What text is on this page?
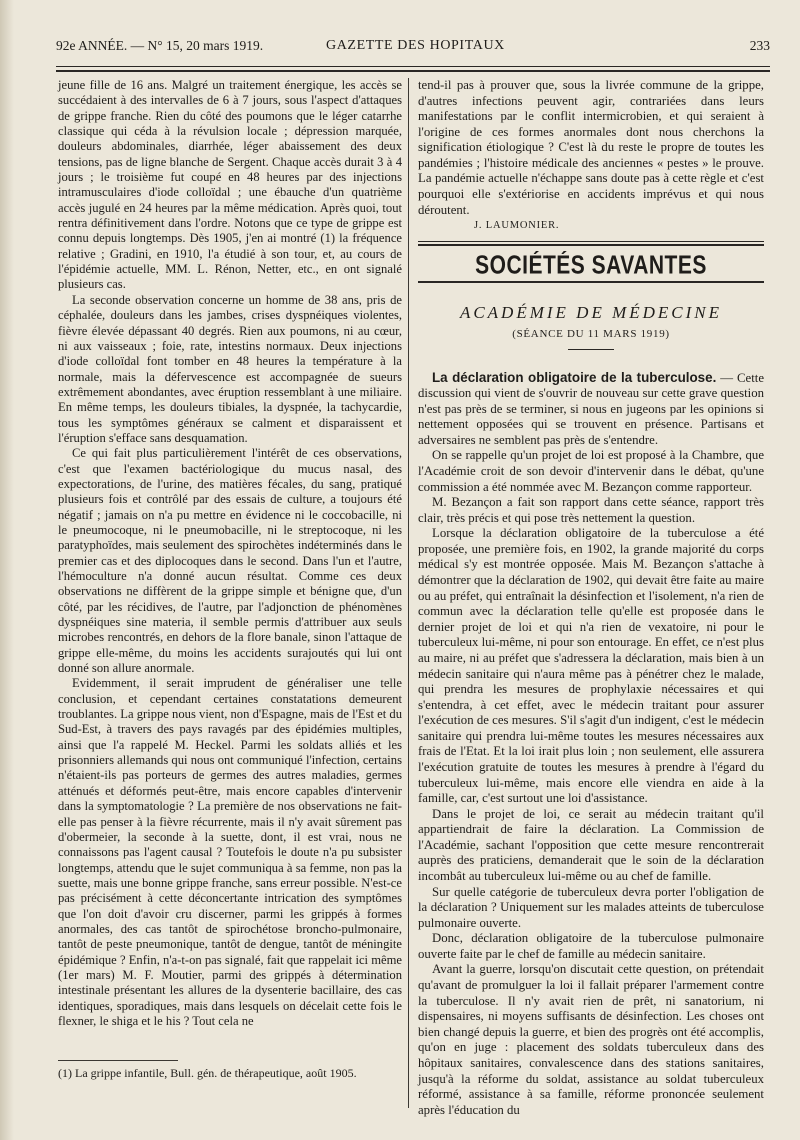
92e ANNÉE. — N° 15, 20 mars 1919.	GAZETTE DES HOPITAUX	233

jeune fille de 16 ans. Malgré un traitement énergique, les accès se succédaient à des intervalles de 6 à 7 jours, sous l'aspect d'attaques de grippe franche. Rien du côté des poumons que le léger catarrhe classique qui céda à la révulsion locale ; dépression marquée, douleurs abdominales, diarrhée, léger abaissement des deux tensions, pas de ligne blanche de Sergent. Chaque accès durait 3 à 4 jours ; le troisième fut coupé en 48 heures par des injections intramusculaires d'iode colloïdal ; une ébauche d'un quatrième accès jugulé en 24 heures par la même médication. Après quoi, tout rentra définitivement dans l'ordre. Notons que ce type de grippe est connu depuis longtemps. Dès 1905, j'en ai montré (1) la fréquence relative ; Gradini, en 1910, l'a étudié à son tour, et, au cours de l'épidémie actuelle, MM. L. Rénon, Netter, etc., en ont signalé plusieurs cas.

La seconde observation concerne un homme de 38 ans, pris de céphalée, douleurs dans les jambes, crises dyspnéiques violentes, fièvre élevée dépassant 40 degrés. Rien aux poumons, ni au cœur, ni aux vaisseaux ; foie, rate, intestins normaux. Deux injections d'iode colloïdal font tomber en 48 heures la température à la normale, mais la défervescence est accompagnée de sueurs extrêmement abondantes, avec éruption ressemblant à une miliaire. En même temps, les douleurs tibiales, la dyspnée, la tachycardie, tous les symptômes généraux se calment et disparaissent et l'éruption s'efface sans desquamation.

Ce qui fait plus particulièrement l'intérêt de ces observations, c'est que l'examen bactériologique du mucus nasal, des expectorations, de l'urine, des matières fécales, du sang, pratiqué plusieurs fois et contrôlé par des essais de culture, a toujours été négatif ; jamais on n'a pu mettre en évidence ni le coccobacille, ni le pneumocoque, ni le pneumobacille, ni le streptocoque, ni les paratyphoïdes, mais seulement des spirochètes indéterminés dans le premier cas et des diplocoques dans le second. Dans l'un et l'autre, l'hémoculture n'a donné aucun résultat. Comme ces deux observations ne diffèrent de la grippe simple et bénigne que, d'un côté, par les récidives, de l'autre, par l'adjonction de phénomènes dyspnéiques sine materia, il semble permis d'attribuer aux seuls microbes rencontrés, en dehors de la flore banale, sinon l'attaque de grippe elle-même, du moins les accidents surajoutés qui lui ont donné son allure anormale.

Evidemment, il serait imprudent de généraliser une telle conclusion, et cependant certaines constatations demeurent troublantes. La grippe nous vient, non d'Espagne, mais de l'Est et du Sud-Est, à travers des pays ravagés par des épidémies multiples, ainsi que l'a rappelé M. Heckel. Parmi les soldats alliés et les prisonniers allemands qui nous ont communiqué l'infection, certains n'étaient-ils pas porteurs de germes des autres maladies, germes atténués et déformés peut-être, mais encore capables d'intervenir dans la symptomatologie ? La première de nos observations ne fait-elle pas penser à la fièvre récurrente, mais il n'y avait sûrement pas d'obermeier, la seconde à la suette, dont, il est vrai, nous ne connaissons pas l'agent causal ? Toutefois le doute n'a pu subsister longtemps, attendu que le sujet communiqua à sa femme, non pas la suette, mais une bonne grippe franche, sans erreur possible. N'est-ce pas précisément à cette déconcertante intrication des symptômes que l'on doit d'avoir cru discerner, parmi les grippés à formes anormales, des cas tantôt de spirochétose broncho-pulmonaire, tantôt de peste pneumonique, tantôt de dengue, tantôt de méningite épidémique ? Enfin, n'a-t-on pas signalé, fait que rappelait ici même (1er mars) M. F. Moutier, parmi des grippés à détermination intestinale présentant les allures de la dysenterie bacillaire, des cas identiques, sporadiques, mais dans lesquels on décelait cette fois le flexner, le shiga et le his ? Tout cela ne

(1) La grippe infantile, Bull. gén. de thérapeutique, août 1905.

tend-il pas à prouver que, sous la livrée commune de la grippe, d'autres infections peuvent agir, contrariées dans leurs manifestations par le conflit intermicrobien, et qui seraient à l'origine de ces formes anormales dont nous cherchons la signification étiologique ? C'est là du reste le propre de toutes les pandémies ; l'histoire médicale des anciennes « pestes » le prouve. La pandémie actuelle n'échappe sans doute pas à cette règle et c'est pourquoi elle s'extériorise en accidents imprévus et qui nous déroutent.

J. LAUMONIER.
SOCIÉTÉS SAVANTES
ACADÉMIE DE MÉDECINE
(SÉANCE DU 11 MARS 1919)

La déclaration obligatoire de la tuberculose. — Cette discussion qui vient de s'ouvrir de nouveau sur cette grave question n'est pas près de se terminer, si nous en jugeons par les opinions si nettement opposées qui se trouvent en présence. Partisans et adversaires ne semblent pas près de s'entendre.

On se rappelle qu'un projet de loi est proposé à la Chambre, que l'Académie croit de son devoir d'intervenir dans le débat, qu'une commission a été nommée avec M. Bezançon comme rapporteur.

M. Bezançon a fait son rapport dans cette séance, rapport très clair, très précis et qui pose très nettement la question.

Lorsque la déclaration obligatoire de la tuberculose a été proposée, une première fois, en 1902, la grande majorité du corps médical s'y est montrée opposée. Mais M. Bezançon s'attache à démontrer que la déclaration de 1902, qui devait être faite au maire ou au préfet, qui entraînait la désinfection et l'isolement, n'a rien de commun avec la déclaration telle qu'elle est proposée dans le dernier projet de loi et qui n'a rien de vexatoire, ni pour le tuberculeux lui-même, ni pour son entourage. En effet, ce n'est plus au maire, ni au préfet que s'adressera la déclaration, mais bien à un médecin sanitaire qui n'aura même pas à pénétrer chez le malade, qui prendra les mesures de prophylaxie nécessaires et qui s'entendra, à cet effet, avec le médecin traitant pour assurer l'exécution de ces mesures. S'il s'agit d'un indigent, c'est le médecin sanitaire qui prendra lui-même toutes les mesures nécessaires aux frais de l'Etat. Et la loi irait plus loin ; non seulement, elle assurera l'exécution gratuite de toutes les mesures à prendre à l'égard du tuberculeux lui-même, mais encore elle viendra en aide à la famille, car, c'est surtout une loi d'assistance.

Dans le projet de loi, ce serait au médecin traitant qu'il appartiendrait de faire la déclaration. La Commission de l'Académie, sachant l'opposition que cette mesure rencontrerait auprès des praticiens, demanderait que le soin de la déclaration incombât au tuberculeux lui-même ou au chef de famille.

Sur quelle catégorie de tuberculeux devra porter l'obligation de la déclaration ? Uniquement sur les malades atteints de tuberculose pulmonaire ouverte.

Donc, déclaration obligatoire de la tuberculose pulmonaire ouverte faite par le chef de famille au médecin sanitaire.

Avant la guerre, lorsqu'on discutait cette question, on prétendait qu'avant de promulguer la loi il fallait préparer l'armement contre la tuberculose. Il n'y avait rien de prêt, ni sanatorium, ni dispensaires, ni moyens suffisants de désinfection. Les choses ont bien changé depuis la guerre, et bien des progrès ont été accomplis, qu'on en juge : placement des soldats tuberculeux dans des hôpitaux sanitaires, convalescence dans des stations sanitaires, jusqu'à la réforme du soldat, assistance au soldat tuberculeux réformé, assistance à sa famille, réforme prononcée seulement après l'éducation du
